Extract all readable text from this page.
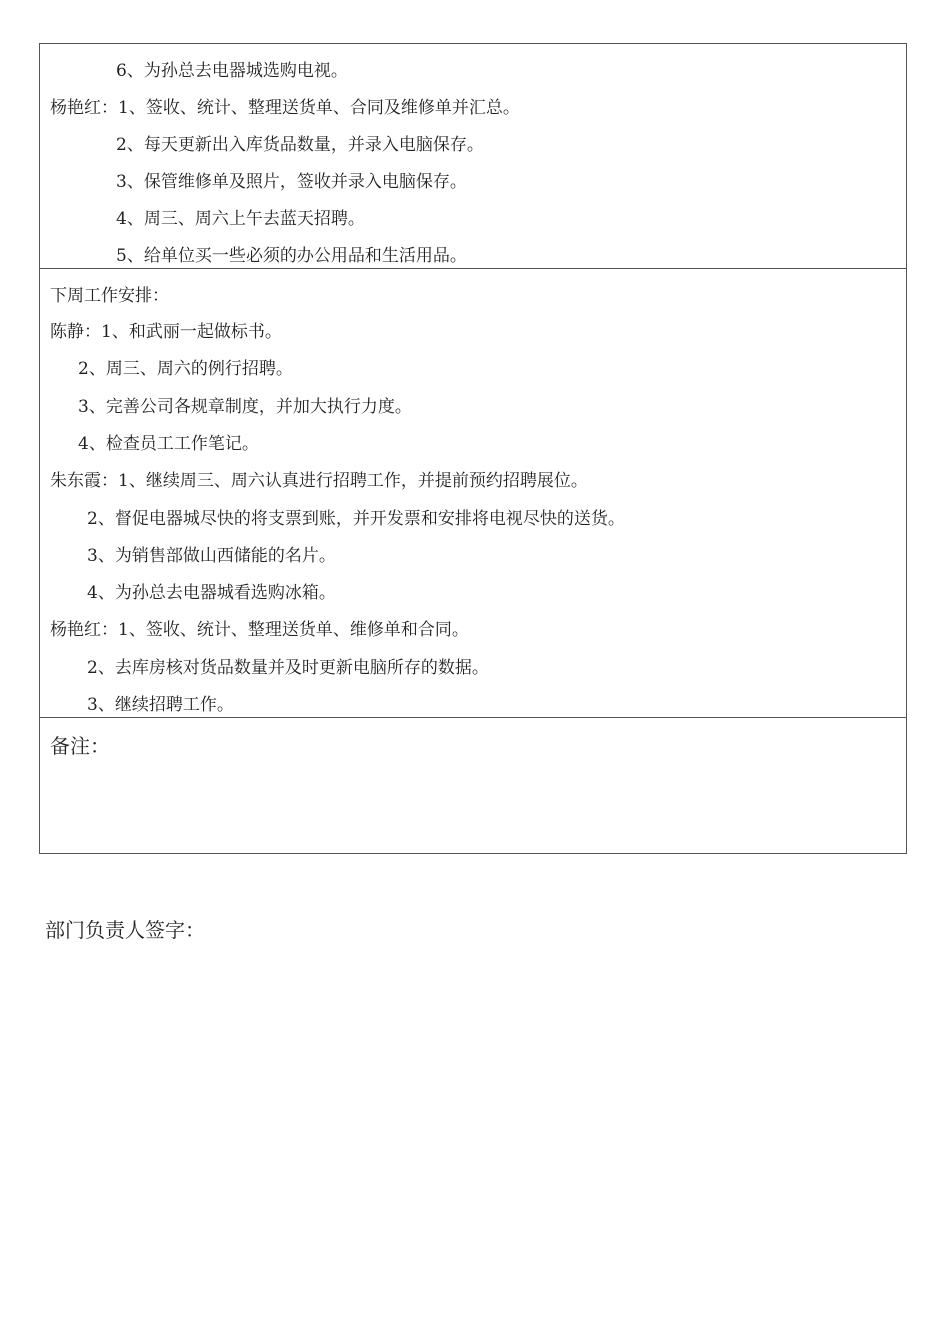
6、为孙总去电器城选购电视。
杨艳红：1、签收、统计、整理送货单、合同及维修单并汇总。
2、每天更新出入库货品数量，并录入电脑保存。
3、保管维修单及照片，签收并录入电脑保存。
4、周三、周六上午去蓝天招聘。
5、给单位买一些必须的办公用品和生活用品。
下周工作安排：
陈静：1、和武丽一起做标书。
2、周三、周六的例行招聘。
3、完善公司各规章制度，并加大执行力度。
4、检查员工工作笔记。
朱东霞：1、继续周三、周六认真进行招聘工作，并提前预约招聘展位。
2、督促电器城尽快的将支票到账，并开发票和安排将电视尽快的送货。
3、为销售部做山西储能的名片。
4、为孙总去电器城看选购冰箱。
杨艳红：1、签收、统计、整理送货单、维修单和合同。
2、去库房核对货品数量并及时更新电脑所存的数据。
3、继续招聘工作。
备注：
部门负责人签字：
